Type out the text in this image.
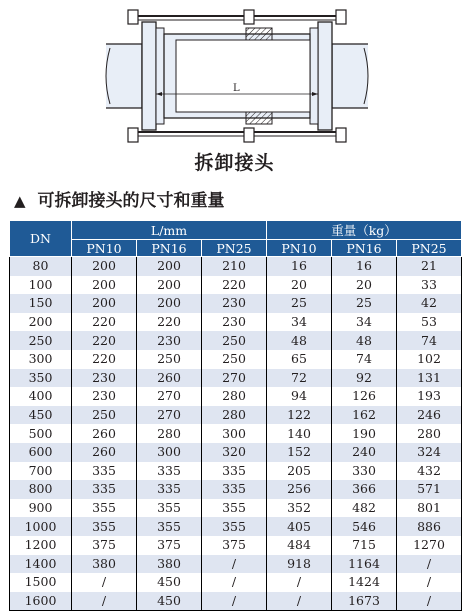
L
拆卸接头
▲ 可拆卸接头的尺寸和重量
DN	L/mm			重量（kg）		
	PN10	PN16	PN25	PN10	PN16	PN25
80	200	200	210	16	16	21
100	200	200	220	20	20	33
150	200	200	230	25	25	42
200	220	220	230	34	34	53
250	220	230	250	48	48	74
300	220	250	250	65	74	102
350	230	260	270	72	92	131
400	230	270	280	94	126	193
450	250	270	280	122	162	246
500	260	280	300	140	190	280
600	260	300	320	152	240	324
700	335	335	335	205	330	432
800	335	335	335	256	366	571
900	355	355	355	352	482	801
1000	355	355	355	405	546	886
1200	375	375	375	484	715	1270
1400	380	380	/	918	1164	/
1500	/	450	/	/	1424	/
1600	/	450	/	/	1673	/
